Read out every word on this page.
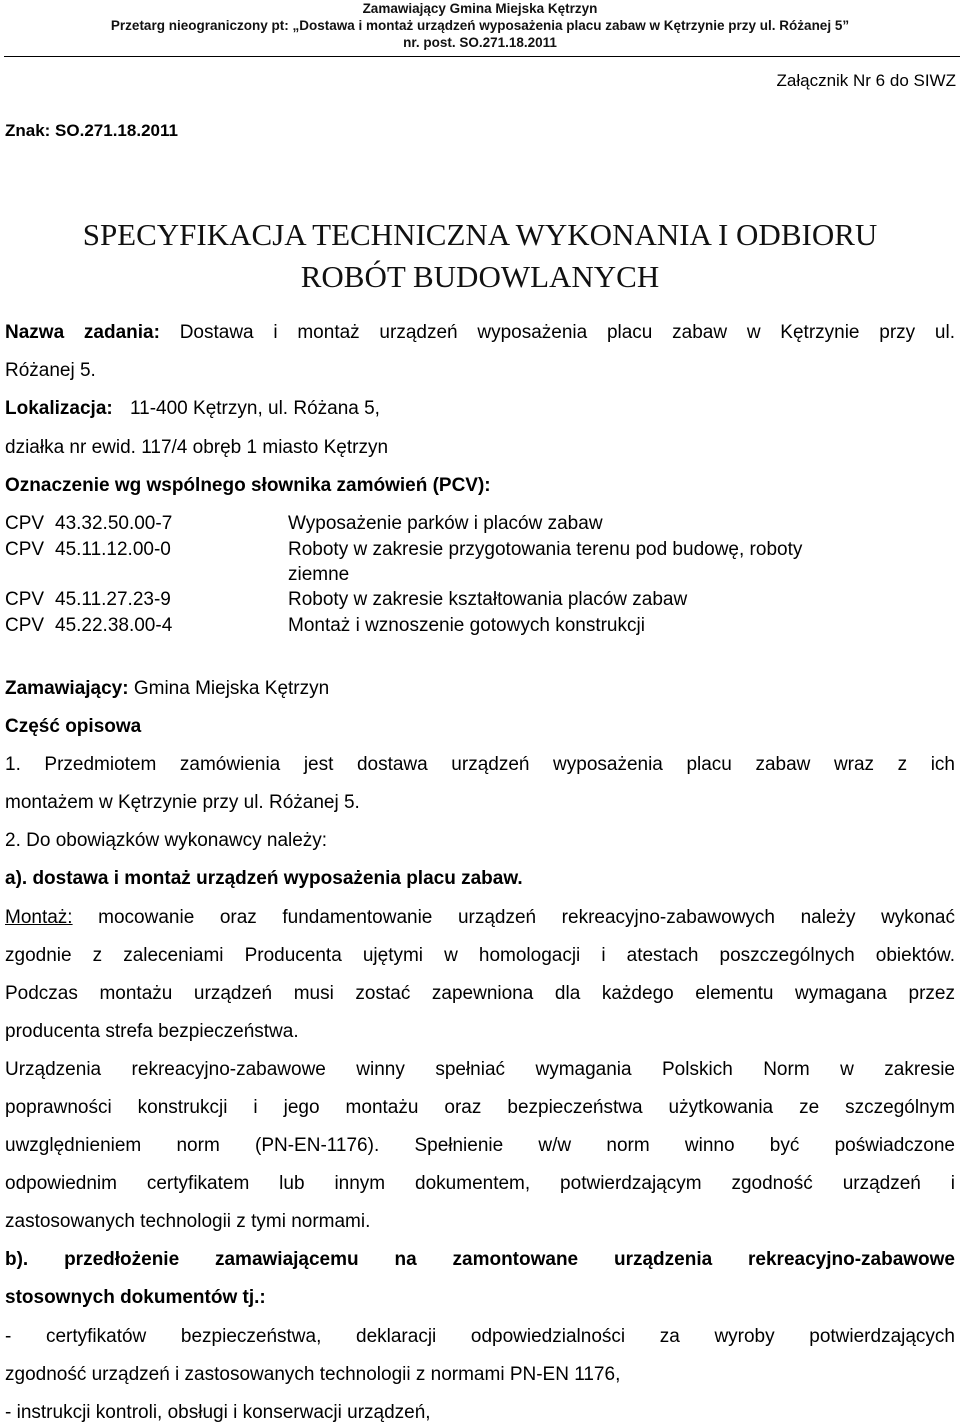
Zamawiający Gmina Miejska Kętrzyn

Przetarg nieograniczony pt: „Dostawa i montaż urządzeń wyposażenia placu zabaw w Kętrzynie przy ul. Różanej 5”

nr. post. SO.271.18.2011

Załącznik Nr 6 do SIWZ
Znak: SO.271.18.2011
SPECYFIKACJA TECHNICZNA WYKONANIA I ODBIORU
ROBÓT BUDOWLANYCH
Nazwa zadania: Dostawa i montaż urządzeń wyposażenia placu zabaw w Kętrzynie przy ul.
Różanej 5.
Lokalizacja: 11-400 Kętrzyn, ul. Różana 5,
działka nr ewid. 117/4 obręb 1 miasto Kętrzyn
Oznaczenie wg wspólnego słownika zamówień (PCV):
CPV 43.32.50.00-7	Wyposażenie parków i placów zabaw
CPV 45.11.12.00-0	Roboty w zakresie przygotowania terenu pod budowę, roboty
ziemne
CPV 45.11.27.23-9	Roboty w zakresie kształtowania placów zabaw
CPV 45.22.38.00-4	Montaż i wznoszenie gotowych konstrukcji
Zamawiający: Gmina Miejska Kętrzyn
Część opisowa
1. Przedmiotem zamówienia jest dostawa urządzeń wyposażenia placu zabaw wraz z ich
montażem w Kętrzynie przy ul. Różanej 5.
2. Do obowiązków wykonawcy należy:
a). dostawa i montaż urządzeń wyposażenia placu zabaw.
Montaż: mocowanie oraz fundamentowanie urządzeń rekreacyjno-zabawowych należy wykonać
zgodnie z zaleceniami Producenta ujętymi w homologacji i atestach poszczególnych obiektów.
Podczas montażu urządzeń musi zostać zapewniona dla każdego elementu wymagana przez
producenta strefa bezpieczeństwa.
Urządzenia rekreacyjno-zabawowe winny spełniać wymagania Polskich Norm w zakresie
poprawności konstrukcji i jego montażu oraz bezpieczeństwa użytkowania ze szczególnym
uwzględnieniem norm (PN-EN-1176). Spełnienie w/w norm winno być poświadczone
odpowiednim certyfikatem lub innym dokumentem, potwierdzającym zgodność urządzeń i
zastosowanych technologii z tymi normami.
b). przedłożenie zamawiającemu na zamontowane urządzenia rekreacyjno-zabawowe
stosownych dokumentów tj.:
- certyfikatów bezpieczeństwa, deklaracji odpowiedzialności za wyroby potwierdzających
zgodność urządzeń i zastosowanych technologii z normami PN-EN 1176,
- instrukcji kontroli, obsługi i konserwacji urządzeń,
